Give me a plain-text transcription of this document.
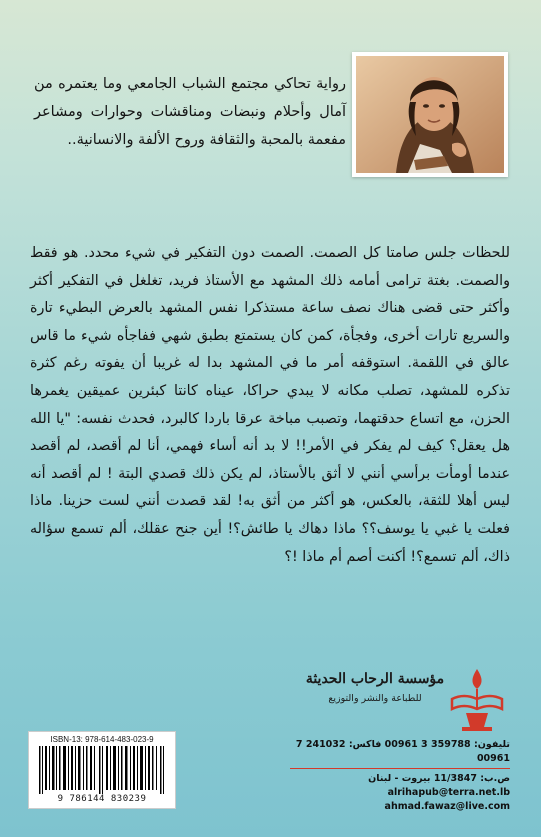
رواية تحاكي مجتمع الشباب الجامعي وما يعتمره من آمال وأحلام ونبضات ومناقشات وحوارات ومشاعر مفعمة بالمحبة والثقافة وروح الألفة والانسانية..

للحظات جلس صامتا كل الصمت. الصمت دون التفكير في شيء محدد. هو فقط والصمت. بغتة ترامى أمامه ذلك المشهد مع الأستاذ فريد، تغلغل في التفكير أكثر وأكثر حتى قضى هناك نصف ساعة مستذكرا نفس المشهد بالعرض البطيء تارة والسريع تارات أخرى، وفجأة، كمن كان يستمتع بطبق شهي ففاجأه شيء ما قاس عالق في اللقمة. استوقفه أمر ما في المشهد بدا له غريبا أن يفوته رغم كثرة تذكره للمشهد، تصلب مكانه لا يبدي حراكا، عيناه كانتا كبئرين عميقين يغمرها الحزن، مع اتساع حدقتهما، وتصبب مباخة عرقا باردا كالبرد، فحدث نفسه: "يا الله هل يعقل؟ كيف لم يفكر في الأمر!! لا بد أنه أساء فهمي، أنا لم أقصد، لم أقصد عندما أومأت برأسي أنني لا أثق بالأستاذ، لم يكن ذلك قصدي البتة ! لم أقصد أنه ليس أهلا للثقة، بالعكس، هو أكثر من أثق به! لقد قصدت أنني لست حزينا. ماذا فعلت يا غبي يا يوسف؟؟ ماذا دهاك يا طائش؟! أين جنح عقلك، ألم تسمع سؤاله ذاك، ألم تسمع؟! أكنت أصم أم ماذا !؟

مؤسسة الرحاب الحديثة
للطباعة والنشر والتوزيع
تليفون: 359788 3 00961 فاكس: 241032 7 00961
ص.ب: 11/3847 بيروت - لبنان
alrihapub@terra.net.lb
ahmad.fawaz@live.com
ISBN-13: 978-614-483-023-9
9 786144 830239
